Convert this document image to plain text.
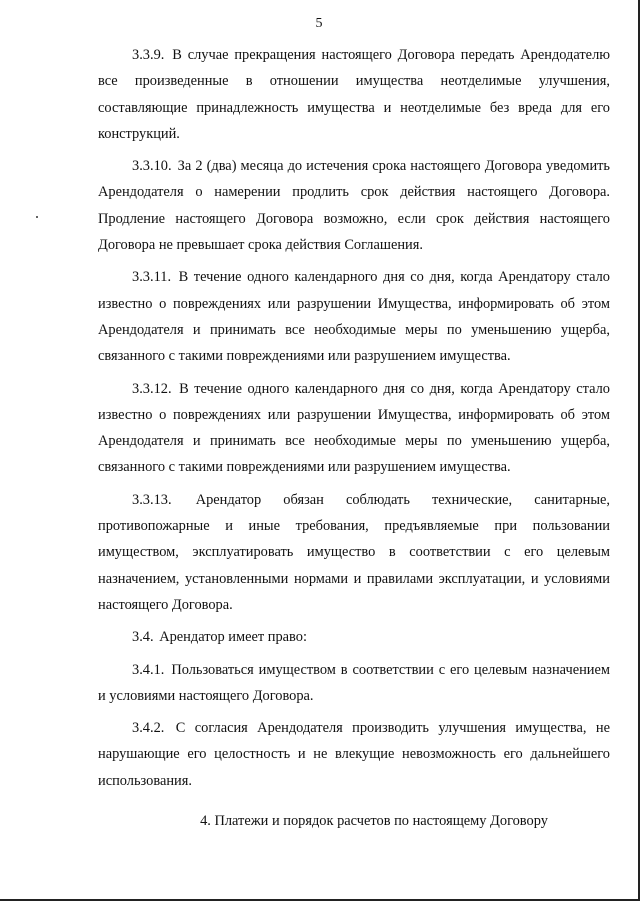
5

3.3.9. В случае прекращения настоящего Договора передать Арендодателю все произведенные в отношении имущества неотделимые улучшения, составляющие принадлежность имущества и неотделимые без вреда для его конструкций.

3.3.10. За 2 (два) месяца до истечения срока настоящего Договора уведомить Арендодателя о намерении продлить срок действия настоящего Договора. Продление настоящего Договора возможно, если срок действия настоящего Договора не превышает срока действия Соглашения.

3.3.11. В течение одного календарного дня со дня, когда Арендатору стало известно о повреждениях или разрушении Имущества, информировать об этом Арендодателя и принимать все необходимые меры по уменьшению ущерба, связанного с такими повреждениями или разрушением имущества.

3.3.12. В течение одного календарного дня со дня, когда Арендатору стало известно о повреждениях или разрушении Имущества, информировать об этом Арендодателя и принимать все необходимые меры по уменьшению ущерба, связанного с такими повреждениями или разрушением имущества.

3.3.13. Арендатор обязан соблюдать технические, санитарные, противопожарные и иные требования, предъявляемые при пользовании имуществом, эксплуатировать имущество в соответствии с его целевым назначением, установленными нормами и правилами эксплуатации, и условиями настоящего Договора.

3.4. Арендатор имеет право:

3.4.1. Пользоваться имуществом в соответствии с его целевым назначением и условиями настоящего Договора.

3.4.2. С согласия Арендодателя производить улучшения имущества, не нарушающие его целостность и не влекущие невозможность его дальнейшего использования.

4. Платежи и порядок расчетов по настоящему Договору
